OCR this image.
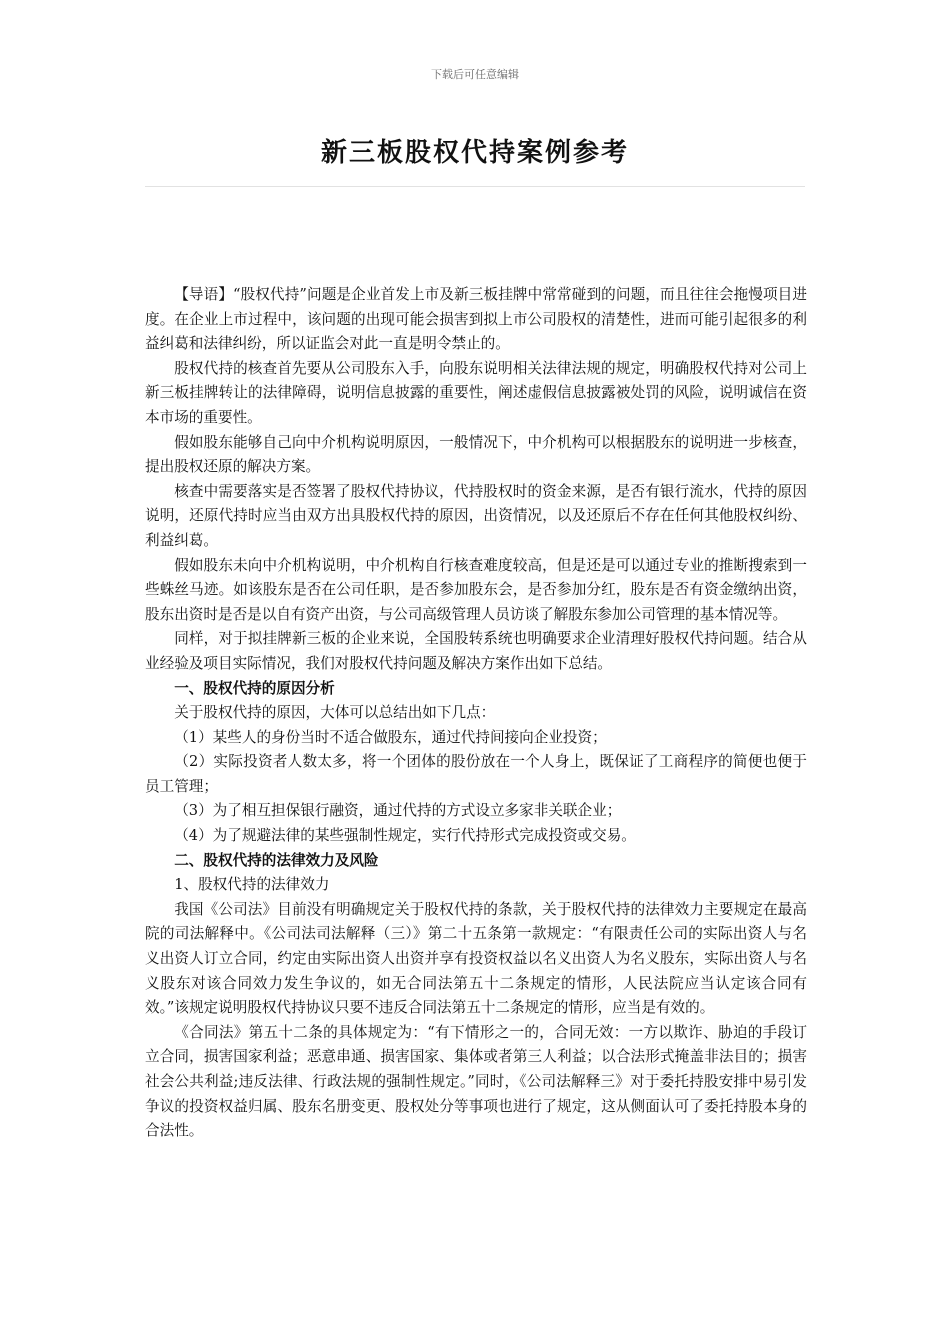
下载后可任意编辑
新三板股权代持案例参考

【导语】“股权代持”问题是企业首发上市及新三板挂牌中常常碰到的问题，而且往往会拖慢项目进度。在企业上市过程中，该问题的出现可能会损害到拟上市公司股权的清楚性，进而可能引起很多的利益纠葛和法律纠纷，所以证监会对此一直是明令禁止的。

股权代持的核查首先要从公司股东入手，向股东说明相关法律法规的规定，明确股权代持对公司上新三板挂牌转让的法律障碍，说明信息披露的重要性，阐述虚假信息披露被处罚的风险，说明诚信在资本市场的重要性。

假如股东能够自己向中介机构说明原因，一般情况下，中介机构可以根据股东的说明进一步核查，提出股权还原的解决方案。

核查中需要落实是否签署了股权代持协议，代持股权时的资金来源，是否有银行流水，代持的原因说明，还原代持时应当由双方出具股权代持的原因，出资情况，以及还原后不存在任何其他股权纠纷、利益纠葛。

假如股东未向中介机构说明，中介机构自行核查难度较高，但是还是可以通过专业的推断搜索到一些蛛丝马迹。如该股东是否在公司任职，是否参加股东会，是否参加分红，股东是否有资金缴纳出资，股东出资时是否是以自有资产出资，与公司高级管理人员访谈了解股东参加公司管理的基本情况等。

同样，对于拟挂牌新三板的企业来说，全国股转系统也明确要求企业清理好股权代持问题。结合从业经验及项目实际情况，我们对股权代持问题及解决方案作出如下总结。

一、股权代持的原因分析

关于股权代持的原因，大体可以总结出如下几点：

（1）某些人的身份当时不适合做股东，通过代持间接向企业投资；

（2）实际投资者人数太多，将一个团体的股份放在一个人身上，既保证了工商程序的简便也便于员工管理；

（3）为了相互担保银行融资，通过代持的方式设立多家非关联企业；

（4）为了规避法律的某些强制性规定，实行代持形式完成投资或交易。

二、股权代持的法律效力及风险

1、股权代持的法律效力

我国《公司法》目前没有明确规定关于股权代持的条款，关于股权代持的法律效力主要规定在最高院的司法解释中。《公司法司法解释（三）》第二十五条第一款规定：“有限责任公司的实际出资人与名义出资人订立合同，约定由实际出资人出资并享有投资权益以名义出资人为名义股东，实际出资人与名义股东对该合同效力发生争议的，如无合同法第五十二条规定的情形，人民法院应当认定该合同有效。”该规定说明股权代持协议只要不违反合同法第五十二条规定的情形，应当是有效的。

《合同法》第五十二条的具体规定为：“有下情形之一的，合同无效：一方以欺诈、胁迫的手段订立合同，损害国家利益；恶意串通、损害国家、集体或者第三人利益；以合法形式掩盖非法目的；损害社会公共利益;违反法律、行政法规的强制性规定。”同时，《公司法解释三》对于委托持股安排中易引发争议的投资权益归属、股东名册变更、股权处分等事项也进行了规定，这从侧面认可了委托持股本身的合法性。
